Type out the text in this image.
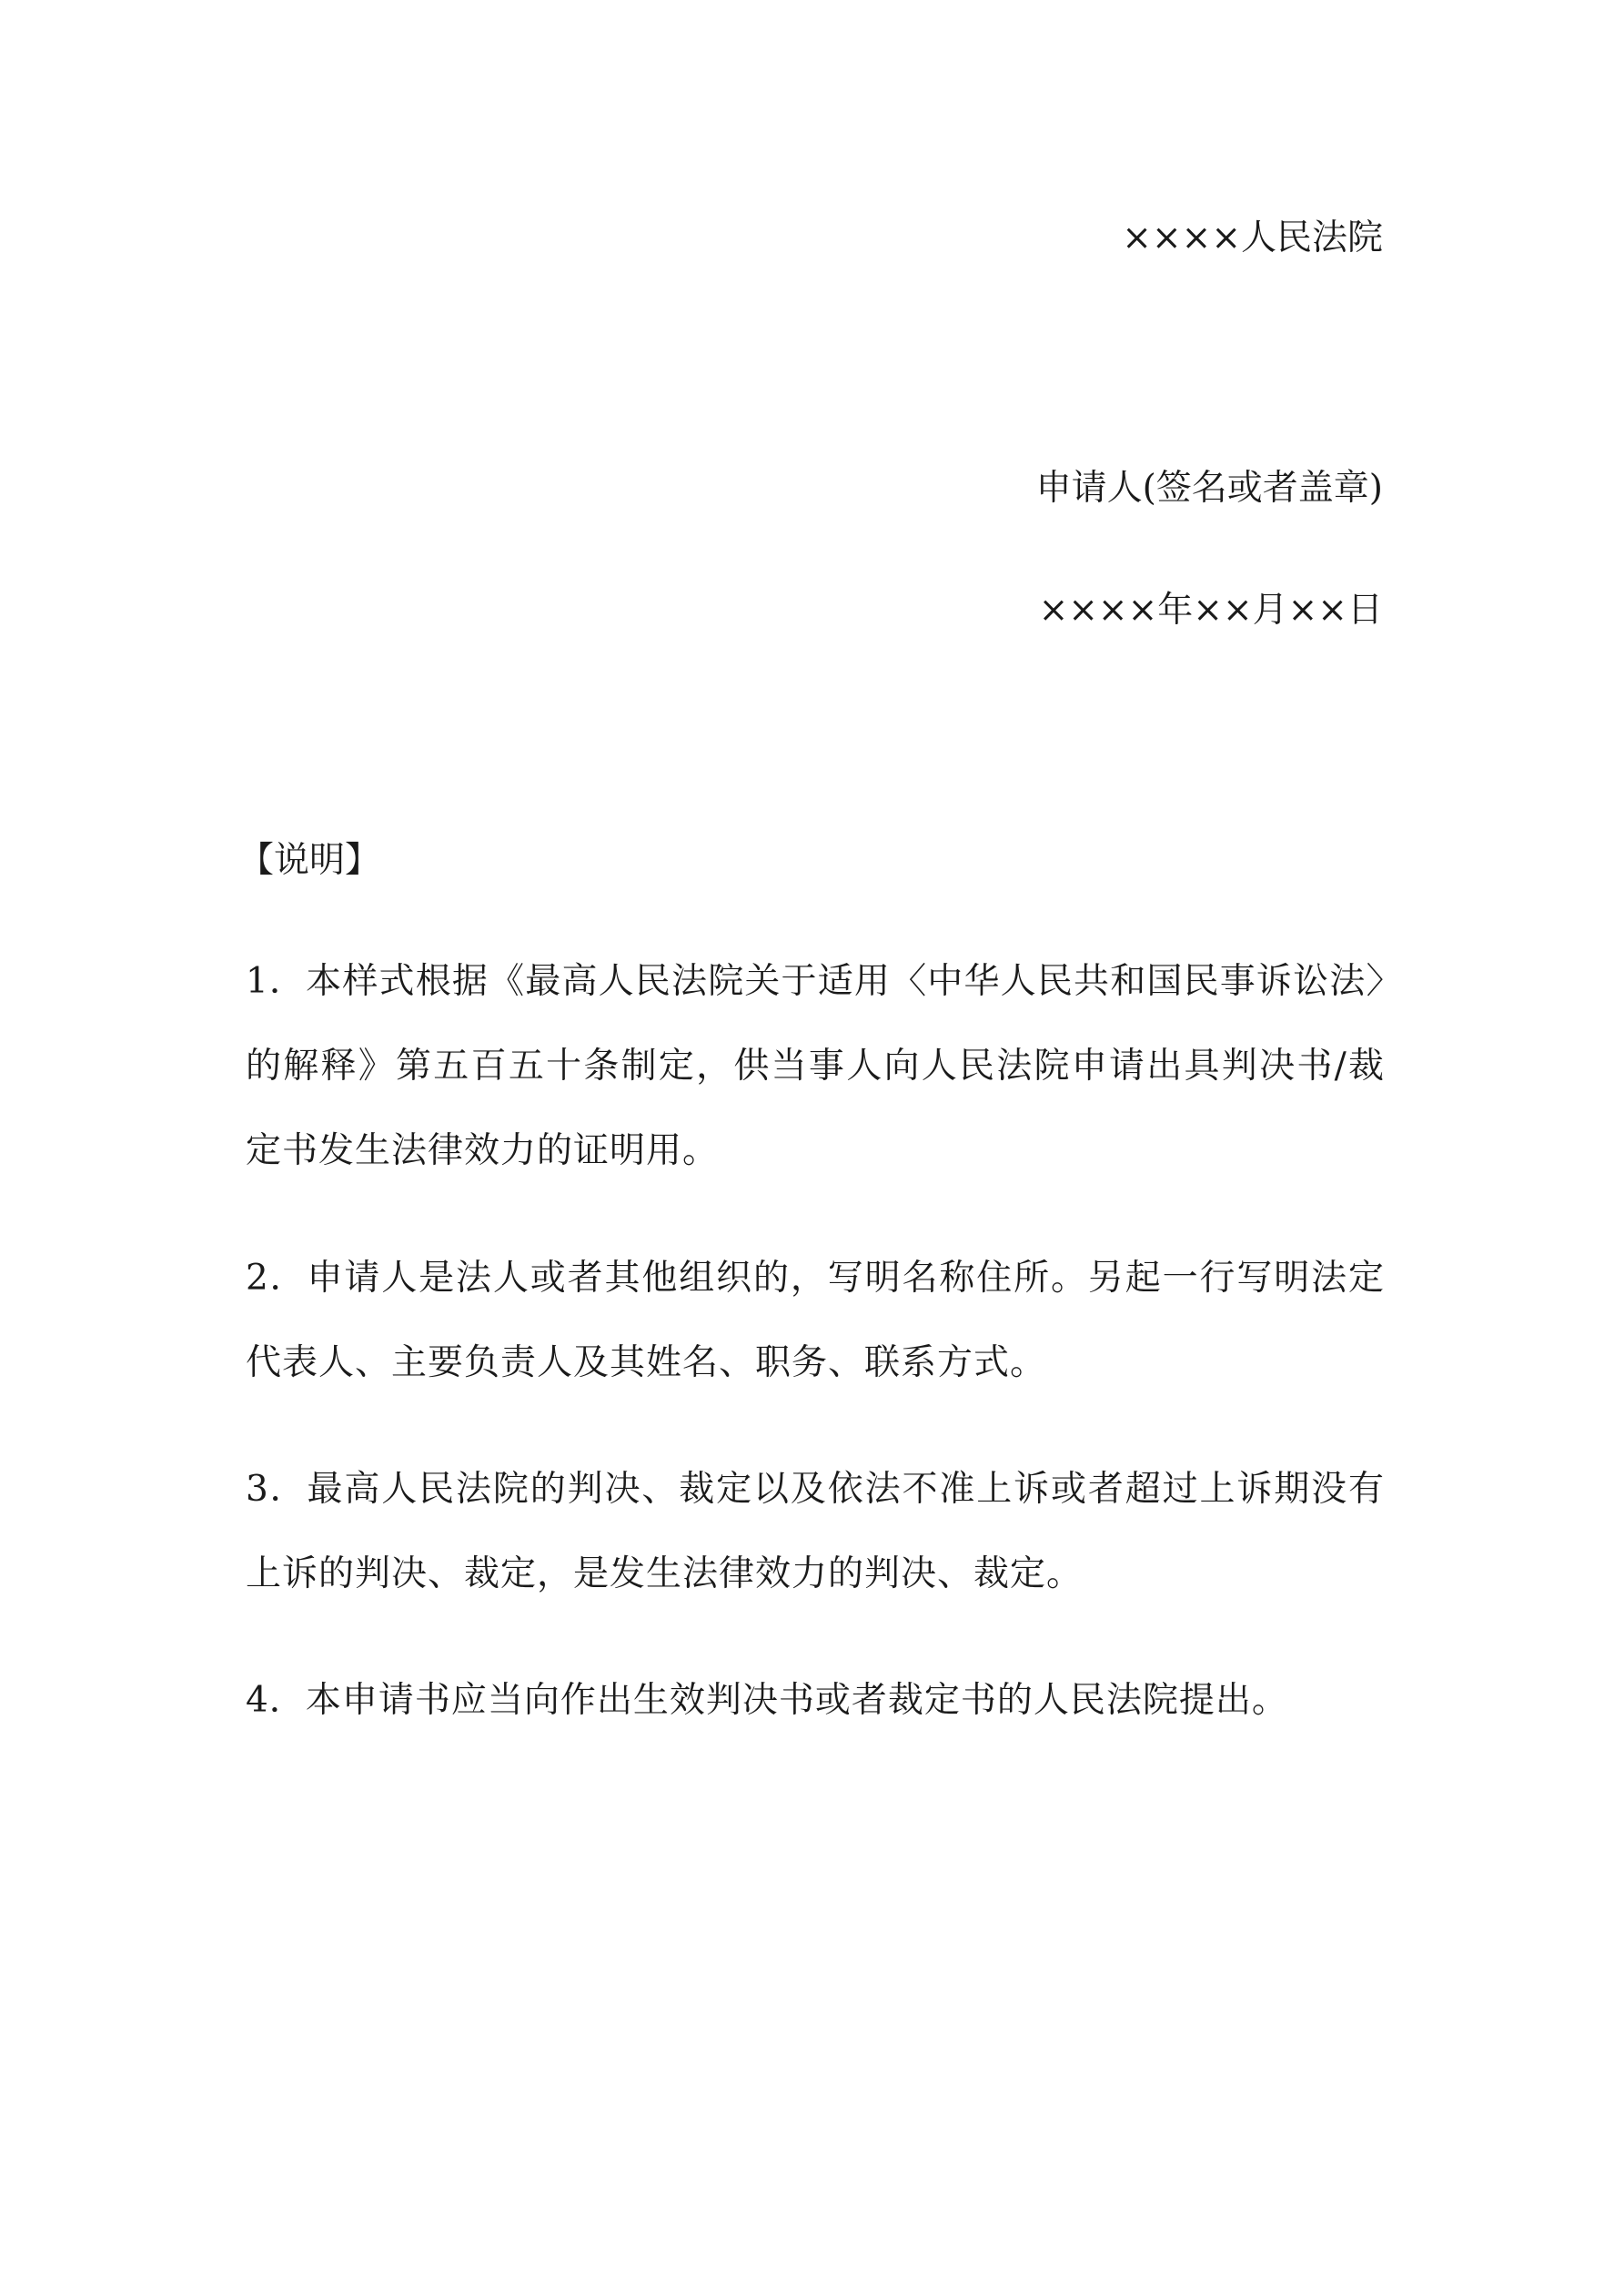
××××人民法院
申请人(签名或者盖章)
××××年××月××日
【说明】
1．本样式根据《最高人民法院关于适用〈中华人民共和国民事诉讼法〉的解释》第五百五十条制定，供当事人向人民法院申请出具判决书/裁定书发生法律效力的证明用。
2．申请人是法人或者其他组织的，写明名称住所。另起一行写明法定代表人、主要负责人及其姓名、职务、联系方式。
3．最高人民法院的判决、裁定以及依法不准上诉或者超过上诉期没有上诉的判决、裁定，是发生法律效力的判决、裁定。
4．本申请书应当向作出生效判决书或者裁定书的人民法院提出。
